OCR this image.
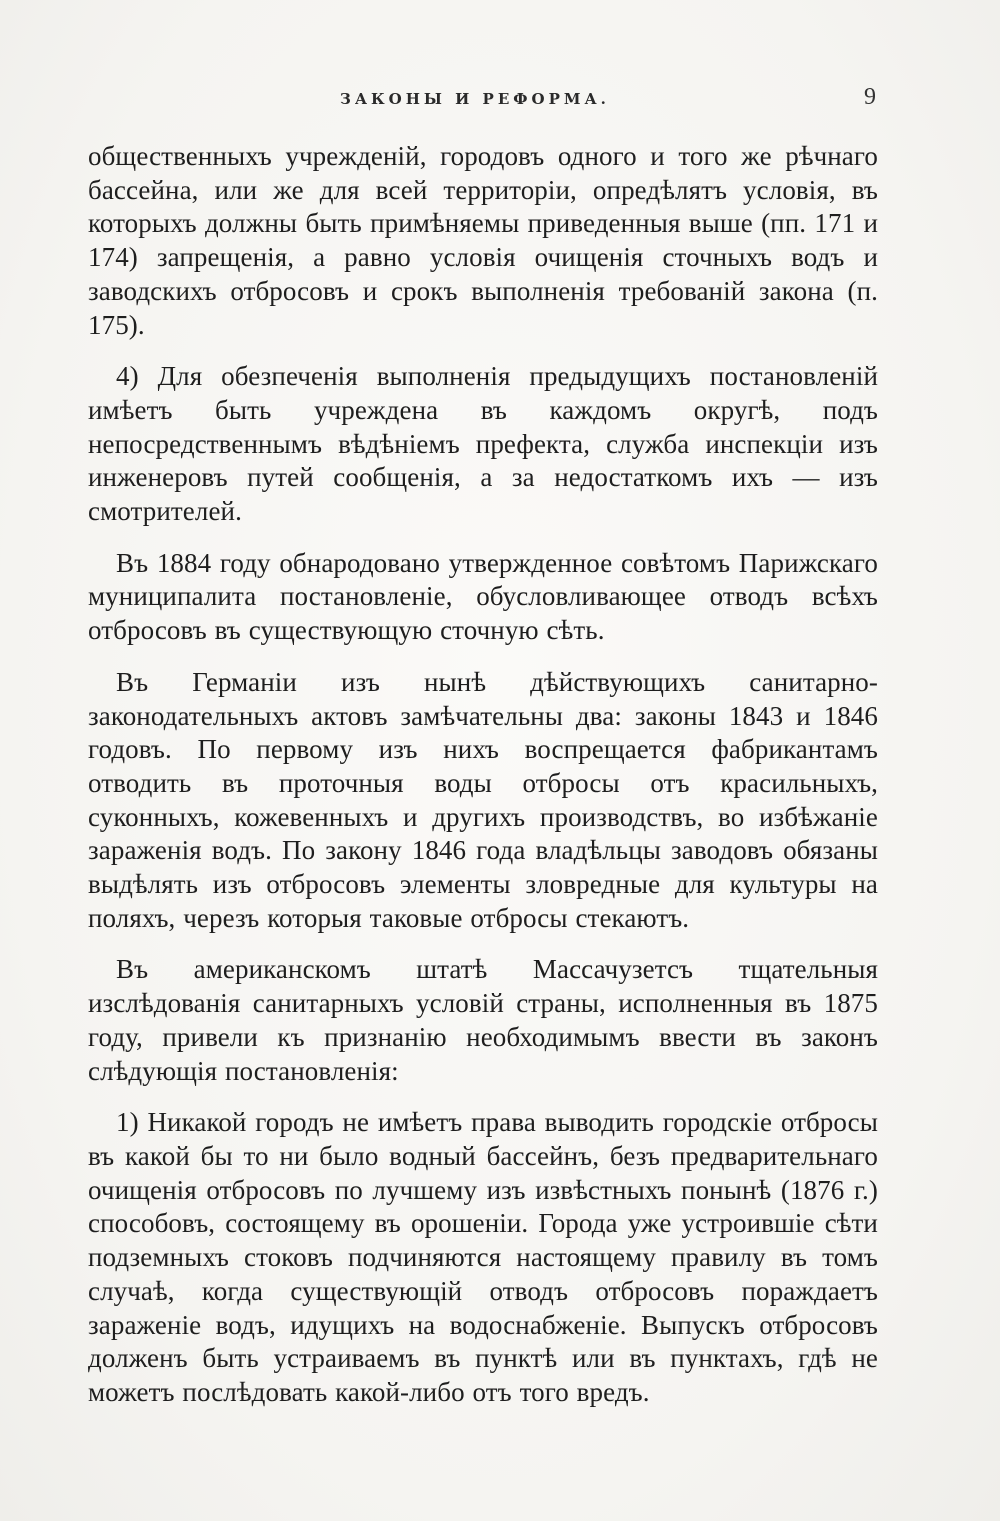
ЗАКОНЫ И РЕФОРМА.	9

общественныхъ учрежденій, городовъ одного и того же рѣчнаго бассейна, или же для всей территоріи, опредѣлятъ условія, въ которыхъ должны быть примѣняемы приведенныя выше (пп. 171 и 174) запрещенія, а равно условія очищенія сточныхъ водъ и заводскихъ отбросовъ и срокъ выполненія требованій закона (п. 175).

4) Для обезпеченія выполненія предыдущихъ постановленій имѣетъ быть учреждена въ каждомъ округѣ, подъ непосредственнымъ вѣдѣніемъ префекта, служба инспекціи изъ инженеровъ путей сообщенія, а за недостаткомъ ихъ — изъ смотрителей.

Въ 1884 году обнародовано утвержденное совѣтомъ Парижскаго муниципалита постановленіе, обусловливающее отводъ всѣхъ отбросовъ въ существующую сточную сѣть.

Въ Германіи изъ нынѣ дѣйствующихъ санитарно-законодательныхъ актовъ замѣчательны два: законы 1843 и 1846 годовъ. По первому изъ нихъ воспрещается фабрикантамъ отводить въ проточныя воды отбросы отъ красильныхъ, суконныхъ, кожевенныхъ и другихъ производствъ, во избѣжаніе зараженія водъ. По закону 1846 года владѣльцы заводовъ обязаны выдѣлять изъ отбросовъ элементы зловредные для культуры на поляхъ, черезъ которыя таковые отбросы стекаютъ.

Въ американскомъ штатѣ Массачузетсъ тщательныя изслѣдованія санитарныхъ условій страны, исполненныя въ 1875 году, привели къ признанію необходимымъ ввести въ законъ слѣдующія постановленія:

1) Никакой городъ не имѣетъ права выводить городскіе отбросы въ какой бы то ни было водный бассейнъ, безъ предварительнаго очищенія отбросовъ по лучшему изъ извѣстныхъ понынѣ (1876 г.) способовъ, состоящему въ орошеніи. Города уже устроившіе сѣти подземныхъ стоковъ подчиняются настоящему правилу въ томъ случаѣ, когда существующій отводъ отбросовъ пораждаетъ зараженіе водъ, идущихъ на водоснабженіе. Выпускъ отбросовъ долженъ быть устраиваемъ въ пунктѣ или въ пунктахъ, гдѣ не можетъ послѣдовать какой-либо отъ того вредъ.
